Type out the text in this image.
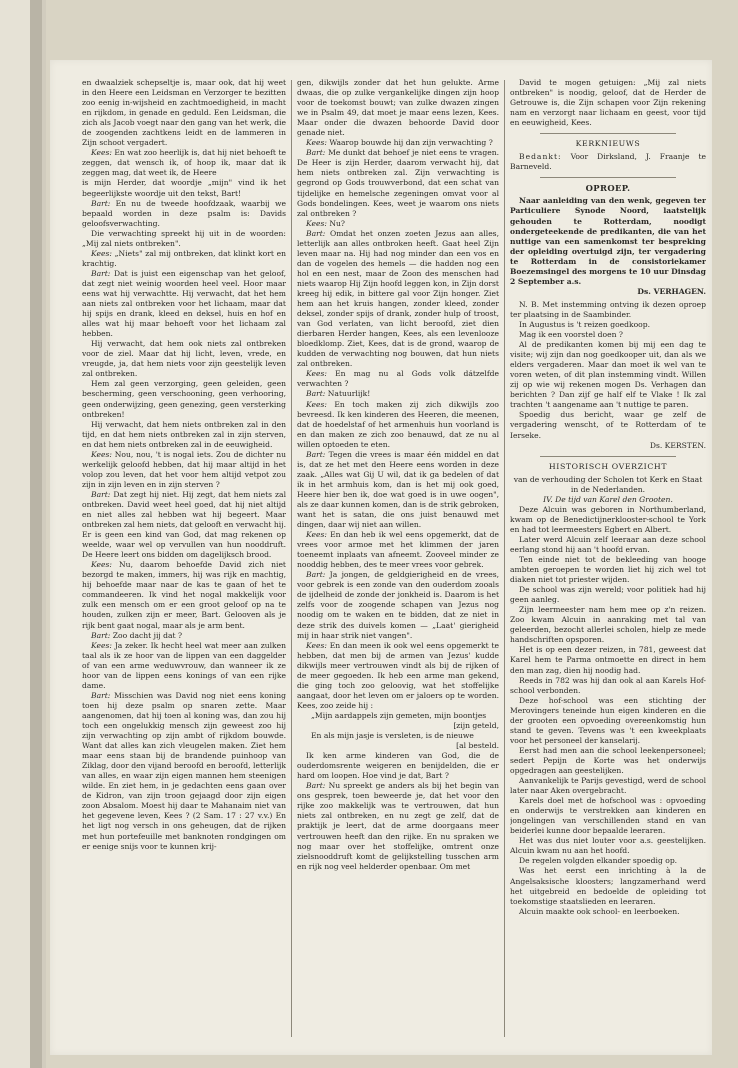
en dwaalziek schepseltje is, maar ook, dat hij weet in den Heere een Leidsman en Verzorger te bezitten zoo eenig in-wijsheid en zachtmoedigheid, in macht en rijkdom, in genade en geduld. Een Leidsman, die zich als Jacob voegt naar den gang van het werk, die de zoogenden zachtkens leidt en de lammeren in Zijn schoot vergadert.

Kees: En wat zoo heerlijk is, dat hij niet behoeft te zeggen, dat wensch ik, of hoop ik, maar dat ik zeggen mag, dat weet ik, de Heere

is mijn Herder, dat woordje „mijn" vind ik het begeerlijkste woordje uit den tekst, Bart!

Bart: En nu de tweede hoofdzaak, waarbij we bepaald worden in deze psalm is: Davids geloofsverwachting.

Die verwachting spreekt hij uit in de woorden: „Mij zal niets ontbreken".

Kees: „Niets" zal mij ontbreken, dat klinkt kort en krachtig.

Bart: Dat is juist een eigenschap van het geloof, dat zegt niet weinig woorden heel veel. Hoor maar eens wat hij verwachtte. Hij verwacht, dat het hem aan niets zal ontbreken voor het lichaam, maar dat hij spijs en drank, kleed en deksel, huis en hof en alles wat hij maar behoeft voor het lichaam zal hebben.

Hij verwacht, dat hem ook niets zal ontbreken voor de ziel. Maar dat hij licht, leven, vrede, en vreugde, ja, dat hem niets voor zijn geestelijk leven zal ontbreken.

Hem zal geen verzorging, geen geleiden, geen bescherming, geen verschooning, geen verhooring, geen onderwijzing, geen genezing, geen versterking ontbreken!

Hij verwacht, dat hem niets ontbreken zal in den tijd, en dat hem niets ontbreken zal in zijn sterven, en dat hem niets ontbreken zal in de eeuwigheid.

Kees: Nou, nou, 't is nogal iets. Zou de dichter nu werkelijk geloofd hebben, dat hij maar altijd in het volop zou leven, dat het voor hem altijd vetpot zou zijn in zijn leven en in zijn sterven ?

Bart: Dat zegt hij niet. Hij zegt, dat hem niets zal ontbreken. David weet heel goed, dat hij niet altijd en niet alles zal hebben wat hij begeert. Maar ontbreken zal hem niets, dat gelooft en verwacht hij. Er is geen een kind van God, dat mag rekenen op weelde, waar wel op vervullen van hun nooddruft. De Heere leert ons bidden om dagelijksch brood.

Kees: Nu, daarom behoefde David zich niet bezorgd te maken, immers, hij was rijk en machtig, hij behoefde maar naar de kas te gaan of het te commandeeren. Ik vind het nogal makkelijk voor zulk een mensch om er een groot geloof op na te houden, zulken zijn er meer, Bart. Gelooven als je rijk bent gaat nogal, maar als je arm bent.

Bart: Zoo dacht jij dat ?

Kees: Ja zeker. Ik hecht heel wat meer aan zulken taal als ik ze hoor van de lippen van een daggelder of van een arme weduwvrouw, dan wanneer ik ze hoor van de lippen eens konings of van een rijke dame.

Bart: Misschien was David nog niet eens koning toen hij deze psalm op snaren zette. Maar aangenomen, dat hij toen al koning was, dan zou hij toch een ongelukkig mensch zijn geweest zoo hij zijn verwachting op zijn ambt of rijkdom bouwde. Want dat alles kan zich vleugelen maken. Ziet hem maar eens staan bij de brandende puinhoop van Ziklag, door den vijand beroofd en beroofd, letterlijk van alles, en waar zijn eigen mannen hem steenigen wilde. En ziet hem, in je gedachten eens gaan over de Kidron, van zijn troon gejaagd door zijn eigen zoon Absalom. Moest hij daar te Mahanaim niet van het gegevene leven, Kees ? (2 Sam. 17 : 27 v.v.) En het ligt nog versch in ons geheugen, dat de rijken met hun portefeuille met banknoten rondgingen om er eenige snijs voor te kunnen krij-

gen, dikwijls zonder dat het hun gelukte. Arme dwaas, die op zulke vergankelijke dingen zijn hoop voor de toekomst bouwt; van zulke dwazen zingen we in Psalm 49, dat moet je maar eens lezen, Kees. Maar onder die dwazen behoorde David door genade niet.

Kees: Waarop bouwde hij dan zijn verwachting ?

Bart: Me dunkt dat behoef je niet eens te vragen. De Heer is zijn Herder, daarom verwacht hij, dat hem niets ontbreken zal. Zijn verwachting is gegrond op Gods trouwverbond, dat een schat van tijdelijke en hemelsche zegeningen omvat voor al Gods bondelingen. Kees, weet je waarom ons niets zal ontbreken ?

Kees: Nu?

Bart: Omdat het onzen zoeten Jezus aan alles, letterlijk aan alles ontbroken heeft. Gaat heel Zijn leven maar na. Hij had nog minder dan een vos en dan de vogelen des hemels — die hadden nog een hol en een nest, maar de Zoon des menschen had niets waarop Hij Zijn hoofd leggen kon, in Zijn dorst kreeg hij edik, in bittere gal voor Zijn honger. Ziet hem aan het kruis hangen, zonder kleed, zonder deksel, zonder spijs of drank, zonder hulp of troost, van God verlaten, van licht beroofd, ziet dien dierbaren Herder hangen, Kees, als een levenlooze bloedklomp. Ziet, Kees, dat is de grond, waarop de kudden de verwachting nog bouwen, dat hun niets zal ontbreken.

Kees: En mag nu al Gods volk dátzelfde verwachten ?

Bart: Natuurlijk!

Kees: En toch maken zij zich dikwijls zoo bevreesd. Ik ken kinderen des Heeren, die meenen, dat de hoedelstaf of het armenhuis hun voorland is en dan maken ze zich zoo benauwd, dat ze nu al willen optoeden te eten.

Bart: Tegen die vrees is maar één middel en dat is, dat ze het met den Heere eens worden in deze zaak. „Alles wat Gij U wil, dat ik ga bedelen of dat ik in het armhuis kom, dan is het mij ook goed, Heere hier ben ik, doe wat goed is in uwe oogen", als ze daar kunnen komen, dan is de strik gebroken, want het is satan, die ons juist benauwd met dingen, daar wij niet aan willen.

Kees: En dan heb ik wel eens opgemerkt, dat de vrees voor armoe met het klimmen der jaren toeneemt inplaats van afneemt. Zooveel minder ze nooddig hebben, des te meer vrees voor gebrek.

Bart: Ja jongen, de geldgierigheid en de vrees, voor gebrek is een zonde van den ouderdom zooals de ijdelheid de zonde der jonkheid is. Daarom is het zelfs voor de zoogende schapen van Jezus nog noodig om te waken en te bidden, dat ze niet in deze strik des duivels komen — „Laat' gierigheid mij in haar strik niet vangen".

Kees: En dan meen ik ook wel eens opgemerkt te hebben, dat men bij de armen van Jezus' kudde dikwijls meer vertrouwen vindt als bij de rijken of de meer gegoeden. Ik heb een arme man gekend, die ging toch zoo geloovig, wat het stoffelijke aangaat, door het leven om er jaloers op te worden. Kees, zoo zeide hij :

„Mijn aardappels zijn gemeten, mijn boontjes

[zijn geteld,

En als mijn jasje is versleten, is de nieuwe

[al besteld.

Ik ken arme kinderen van God, die de ouderdomsrente weigeren en benijdelden, die er hard om loopen. Hoe vind je dat, Bart ?

Bart: Nu spreekt ge anders als bij het begin van ons gesprek, toen beweerde je, dat het voor den rijke zoo makkelijk was te vertrouwen, dat hun niets zal ontbreken, en nu zegt ge zelf, dat de praktijk je leert, dat de arme doorgaans meer vertrouwen heeft dan den rijke. En nu spraken we nog maar over het stoffelijke, omtrent onze zielsnooddruft komt de gelijkstelling tusschen arm en rijk nog veel helderder openbaar. Om met

David te mogen getuigen: „Mij zal niets ontbreken" is noodig, geloof, dat de Herder de Getrouwe is, die Zijn schapen voor Zijn rekening nam en verzorgt naar lichaam en geest, voor tijd en eeuwigheid, Kees.

KERKNIEUWS

Bedankt: Voor Dirksland, J. Fraanje te Barneveld.

OPROEP.

Naar aanleiding van den wenk, gegeven ter Particuliere Synode Noord, laatstelijk gehouden te Rotterdam, noodigt ondergeteekende de predikanten, die van het nuttige van een samenkomst ter bespreking der opleiding overtuigd zijn, ter vergadering te Rotterdam in de consistoriekamer Boezemsingel des morgens te 10 uur Dinsdag 2 September a.s.

Ds. VERHAGEN.

N. B. Met instemming ontving ik dezen oproep ter plaatsing in de Saambinder.

In Augustus is 't reizen goedkoop.

Mag ik een voorstel doen ?

Al de predikanten komen bij mij een dag te visite; wij zijn dan nog goedkooper uit, dan als we elders vergaderen. Maar dan moet ik wel van te voren weten, of dit plan instemming vindt. Willen zij op wie wij rekenen mogen Ds. Verhagen dan berichten ? Dan zijf ge half elf te Vlake ! Ik zal trachten 't aangename aan 't nuttige te paren.

Spoedig dus bericht, waar ge zelf de vergadering wenscht, of te Rotterdam of te Ierseke.

Ds. KERSTEN.

HISTORISCH OVERZICHT

van de verhouding der Scholen tot Kerk en Staat in de Nederlanden.

IV. De tijd van Karel den Grooten.

Deze Alcuin was geboren in Northumberland, kwam op de Benedictijnerklooster-school te York en had tot leermeesters Egbert en Albert.

Later werd Alcuin zelf leeraar aan deze school eerlang stond hij aan 't hoofd ervan.

Ten einde niet tot de bekleeding van hooge ambten geroepen te worden liet hij zich wel tot diaken niet tot priester wijden.

De school was zijn wereld; voor politiek had hij geen aanleg.

Zijn leermeester nam hem mee op z'n reizen. Zoo kwam Alcuin in aanraking met tal van geleerden, bezocht allerlei scholen, hielp ze mede handschriften opsporen.

Het is op een dezer reizen, in 781, geweest dat Karel hem te Parma ontmoette en direct in hem den man zag, dien hij noodig had.

Reeds in 782 was hij dan ook al aan Karels Hof-school verbonden.

Deze hof-school was een stichting der Merovingers teneinde hun eigen kinderen en die der grooten een opvoeding overeenkomstig hun stand te geven. Tevens was 't een kweekplaats voor het personeel der kanselarij.

Eerst had men aan die school leekenpersoneel; sedert Pepijn de Korte was het onderwijs opgedragen aan geestelijken.

Aanvankelijk te Parijs gevestigd, werd de school later naar Aken overgebracht.

Karels doel met de hofschool was : opvoeding en onderwijs te verstrekken aan kinderen en jongelingen van verschillenden stand en van beiderlei kunne door bepaalde leeraren.

Het was dus niet louter voor a.s. geestelijken. Alcuin kwam nu aan het hoofd.

De regelen volgden elkander spoedig op.

Was het eerst een inrichting à la de Angelsaksische kloosters; langzamerhand werd het uitgebreid en bedoelde de opleiding tot toekomstige staatslieden en leeraren.

Alcuin maakte ook school- en leerboeken.
